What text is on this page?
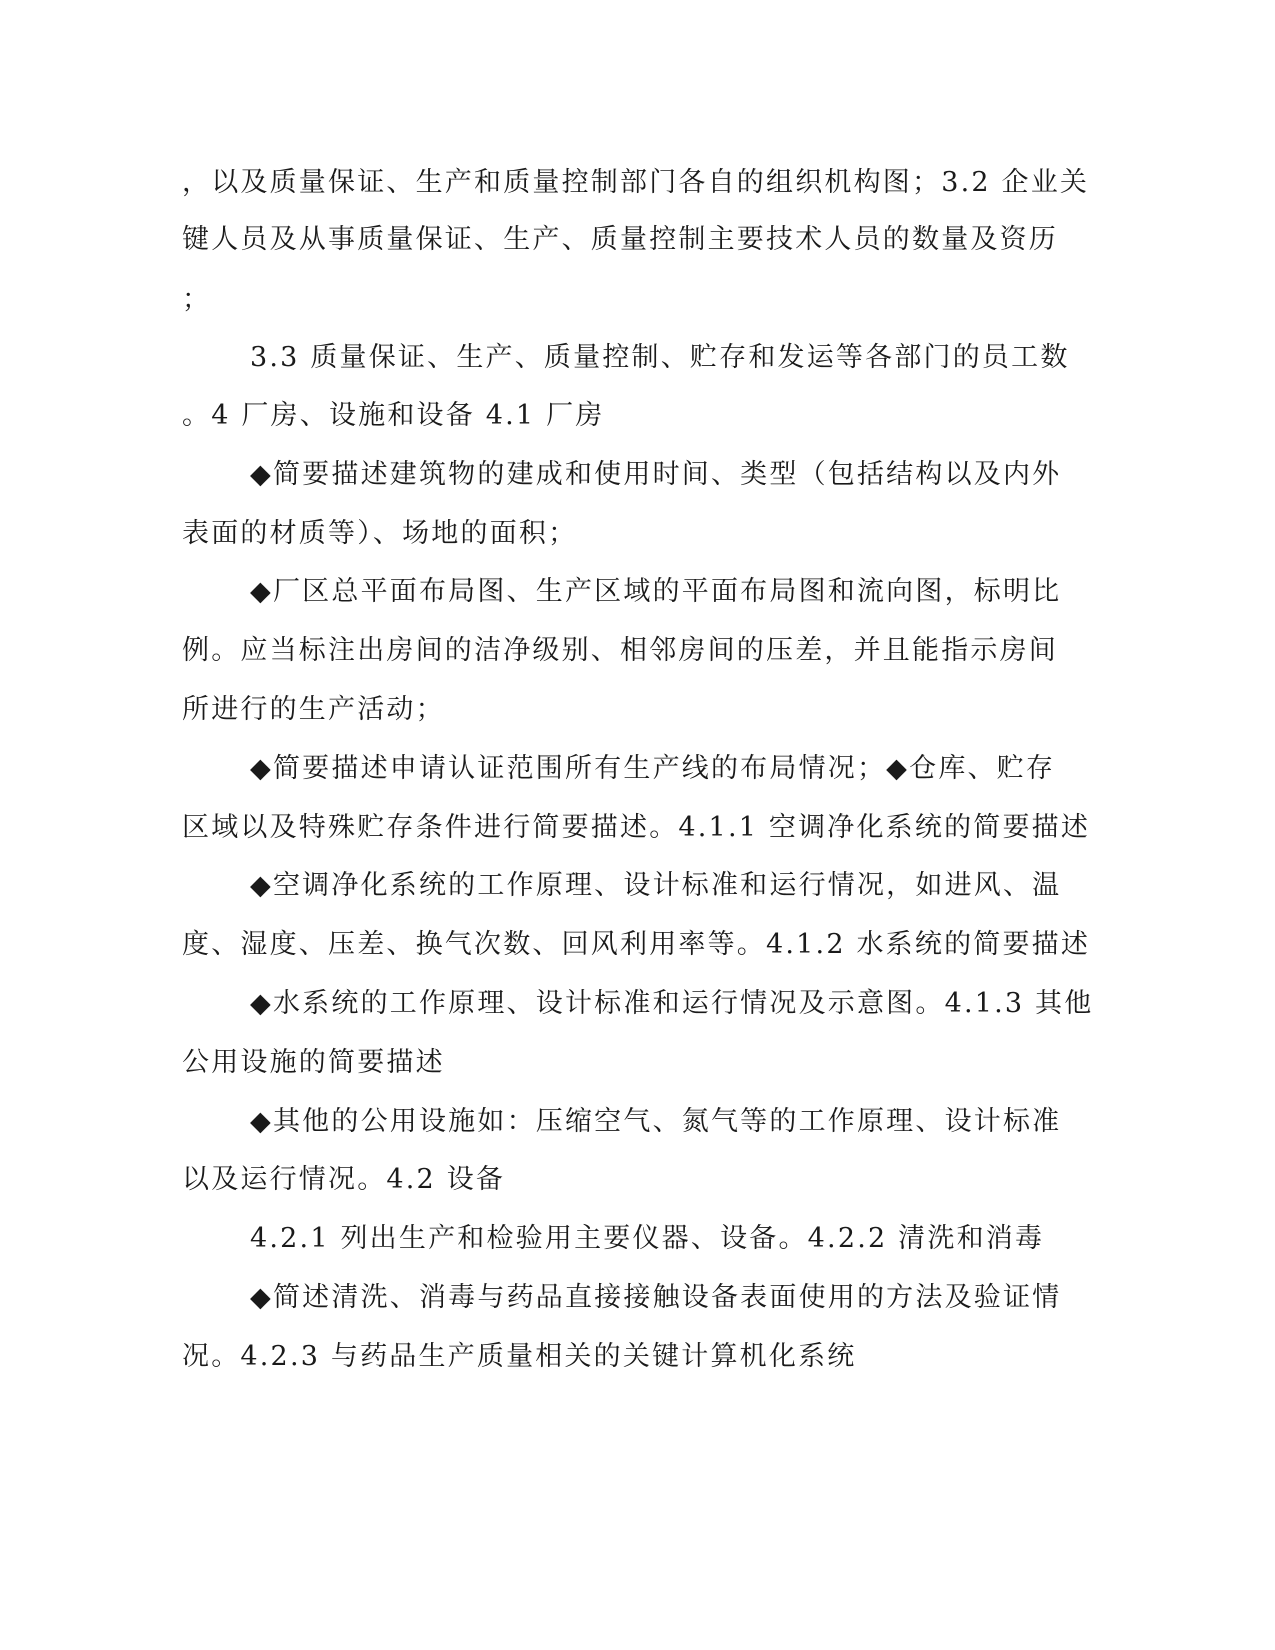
，以及质量保证、生产和质量控制部门各自的组织机构图；3.2 企业关
键人员及从事质量保证、生产、质量控制主要技术人员的数量及资历
；
3.3 质量保证、生产、质量控制、贮存和发运等各部门的员工数
。4 厂房、设施和设备 4.1 厂房
◆简要描述建筑物的建成和使用时间、类型（包括结构以及内外
表面的材质等）、场地的面积；
◆厂区总平面布局图、生产区域的平面布局图和流向图，标明比
例。应当标注出房间的洁净级别、相邻房间的压差，并且能指示房间
所进行的生产活动；
◆简要描述申请认证范围所有生产线的布局情况；◆仓库、贮存
区域以及特殊贮存条件进行简要描述。4.1.1 空调净化系统的简要描述
◆空调净化系统的工作原理、设计标准和运行情况，如进风、温
度、湿度、压差、换气次数、回风利用率等。4.1.2 水系统的简要描述
◆水系统的工作原理、设计标准和运行情况及示意图。4.1.3 其他
公用设施的简要描述
◆其他的公用设施如：压缩空气、氮气等的工作原理、设计标准
以及运行情况。4.2 设备
4.2.1 列出生产和检验用主要仪器、设备。4.2.2 清洗和消毒
◆简述清洗、消毒与药品直接接触设备表面使用的方法及验证情
况。4.2.3 与药品生产质量相关的关键计算机化系统
